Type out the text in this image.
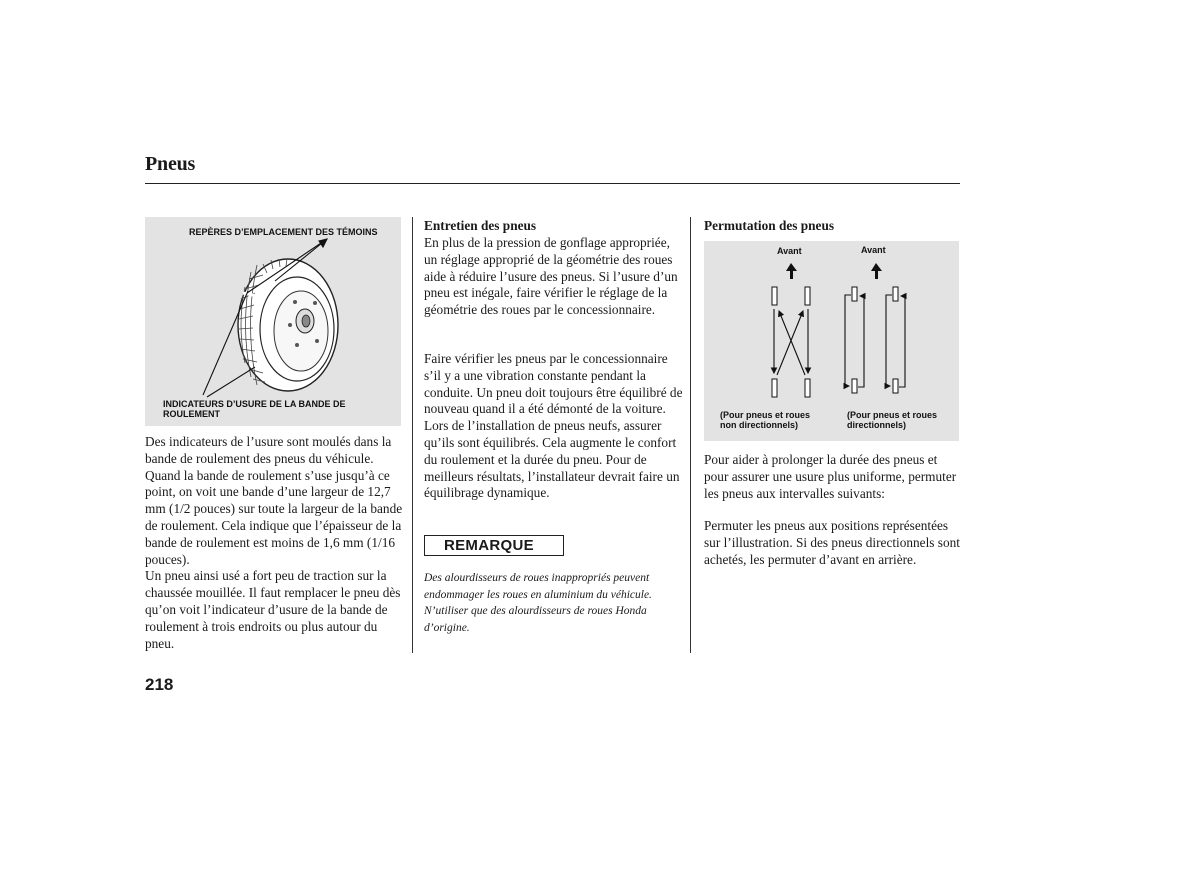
Pneus
REPÈRES D’EMPLACEMENT DES TÉMOINS
INDICATEURS D’USURE DE LA BANDE DE
ROULEMENT

Des indicateurs de l’usure sont moulés dans la bande de roulement des pneus du véhicule. Quand la bande de roulement s’use jusqu’à ce point, on voit une bande d’une largeur de 12,7 mm (1/2 pouces) sur toute la largeur de la bande de roulement. Cela indique que l’épaisseur de la bande de roulement est moins de 1,6 mm (1/16 pouces).

Un pneu ainsi usé a fort peu de traction sur la chaussée mouillée. Il faut remplacer le pneu dès qu’on voit l’indicateur d’usure de la bande de roulement à trois endroits ou plus autour du pneu.

Entretien des pneus
En plus de la pression de gonflage appropriée, un réglage approprié de la géométrie des roues aide à réduire l’usure des pneus. Si l’usure d’un pneu est inégale, faire vérifier le réglage de la géométrie des roues par le concessionnaire.
Faire vérifier les pneus par le concessionnaire s’il y a une vibration constante pendant la conduite. Un pneu doit toujours être équilibré de nouveau quand il a été démonté de la voiture. Lors de l’installation de pneus neufs, assurer qu’ils sont équilibrés. Cela augmente le confort du roulement et la durée du pneu. Pour de meilleurs résultats, l’installateur devrait faire un équilibrage dynamique.
REMARQUE
Des alourdisseurs de roues inappropriés peuvent endommager les roues en aluminium du véhicule. N’utiliser que des alourdisseurs de roues Honda d’origine.
Permutation des pneus
Avant	Avant
(Pour pneus et roues
non directionnels)
(Pour pneus et roues
directionnels)
Pour aider à prolonger la durée des pneus et pour assurer une usure plus uniforme, permuter les pneus aux intervalles suivants:
Permuter les pneus aux positions représentées sur l’illustration. Si des pneus directionnels sont achetés, les permuter d’avant en arrière.
218
